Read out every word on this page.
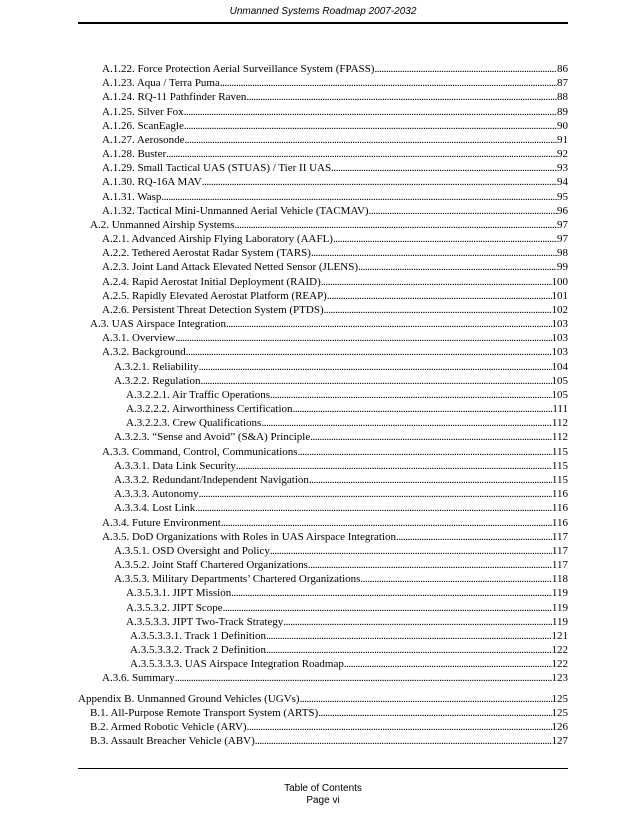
Unmanned Systems Roadmap 2007-2032
A.1.22. Force Protection Aerial Surveillance System (FPASS) . . .	86
A.1.23. Aqua / Terra Puma . . .	87
A.1.24. RQ-11 Pathfinder Raven . . .	88
A.1.25. Silver Fox . . .	89
A.1.26. ScanEagle . . .	90
A.1.27. Aerosonde . . .	91
A.1.28. Buster . . .	92
A.1.29. Small Tactical UAS (STUAS) / Tier II UAS . . .	93
A.1.30. RQ-16A MAV . . .	94
A.1.31. Wasp . . .	95
A.1.32. Tactical Mini-Unmanned Aerial Vehicle (TACMAV) . . .	96
A.2. Unmanned Airship Systems . . .	97
A.2.1. Advanced Airship Flying Laboratory (AAFL) . . .	97
A.2.2. Tethered Aerostat Radar System (TARS) . . .	98
A.2.3. Joint Land Attack Elevated Netted Sensor (JLENS) . . .	99
A.2.4. Rapid Aerostat Initial Deployment (RAID) . . .	100
A.2.5. Rapidly Elevated Aerostat Platform (REAP) . . .	101
A.2.6. Persistent Threat Detection System (PTDS) . . .	102
A.3. UAS Airspace Integration . . .	103
A.3.1. Overview . . .	103
A.3.2. Background . . .	103
A.3.2.1. Reliability . . .	104
A.3.2.2. Regulation . . .	105
A.3.2.2.1. Air Traffic Operations . . .	105
A.3.2.2.2. Airworthiness Certification . . .	111
A.3.2.2.3. Crew Qualifications . . .	112
A.3.2.3. “Sense and Avoid” (S&A) Principle . . .	112
A.3.3. Command, Control, Communications . . .	115
A.3.3.1. Data Link Security . . .	115
A.3.3.2. Redundant/Independent Navigation . . .	115
A.3.3.3. Autonomy . . .	116
A.3.3.4. Lost Link . . .	116
A.3.4. Future Environment . . .	116
A.3.5. DoD Organizations with Roles in UAS Airspace Integration . . .	117
A.3.5.1. OSD Oversight and Policy . . .	117
A.3.5.2. Joint Staff Chartered Organizations . . .	117
A.3.5.3. Military Departments’ Chartered Organizations . . .	118
A.3.5.3.1. JIPT Mission . . .	119
A.3.5.3.2. JIPT Scope . . .	119
A.3.5.3.3. JIPT Two-Track Strategy . . .	119
A.3.5.3.3.1. Track 1 Definition . . .	121
A.3.5.3.3.2. Track 2 Definition . . .	122
A.3.5.3.3.3. UAS Airspace Integration Roadmap . . .	122
A.3.6. Summary . . .	123
Appendix B. Unmanned Ground Vehicles (UGVs) . . .	125
B.1. All-Purpose Remote Transport System (ARTS) . . .	125
B.2. Armed Robotic Vehicle (ARV) . . .	126
B.3. Assault Breacher Vehicle (ABV) . . .	127
Table of Contents
Page vi
